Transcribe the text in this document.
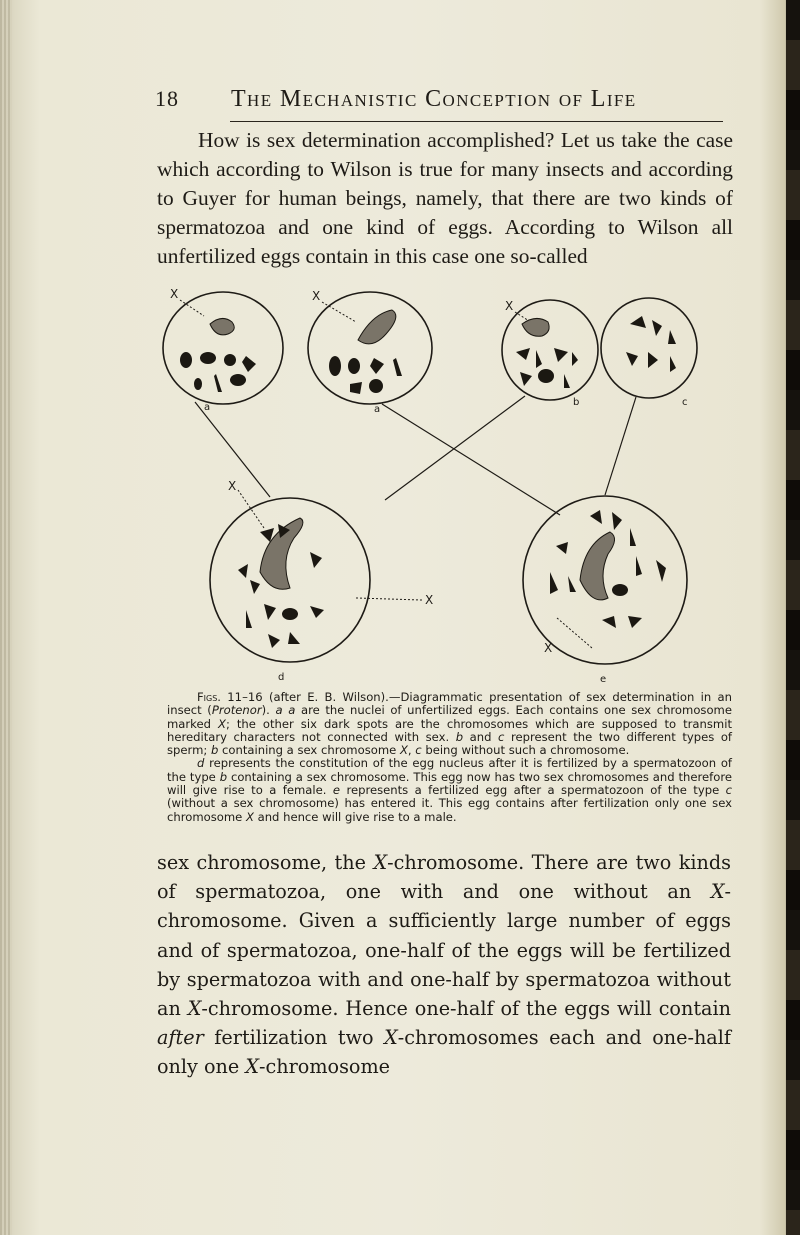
18 The Mechanistic Conception of Life

How is sex determination accomplished? Let us take the case which according to Wilson is true for many insects and according to Guyer for human beings, namely, that there are two kinds of spermatozoa and one kind of eggs. According to Wilson all unfertilized eggs contain in this case one so-called

X	X
X
X
X
X
a	a
b	c
d	e

Figs. 11–16 (after E. B. Wilson).—Diagrammatic presentation of sex determination in an insect (Protenor). a a are the nuclei of unfertilized eggs. Each contains one sex chromosome marked X; the other six dark spots are the chromosomes which are supposed to transmit hereditary characters not connected with sex. b and c represent the two different types of sperm; b containing a sex chromosome X, c being without such a chromosome.

d represents the constitution of the egg nucleus after it is fertilized by a spermatozoon of the type b containing a sex chromosome. This egg now has two sex chromosomes and therefore will give rise to a female. e represents a fertilized egg after a spermatozoon of the type c (without a sex chromosome) has entered it. This egg contains after fertilization only one sex chromosome X and hence will give rise to a male.

sex chromosome, the X-chromosome. There are two kinds of spermatozoa, one with and one without an X-chromosome. Given a sufficiently large number of eggs and of spermatozoa, one-half of the eggs will be fertilized by spermatozoa with and one-half by spermatozoa without an X-chromosome. Hence one-half of the eggs will contain after fertilization two X-chromosomes each and one-half only one X-chromosome
